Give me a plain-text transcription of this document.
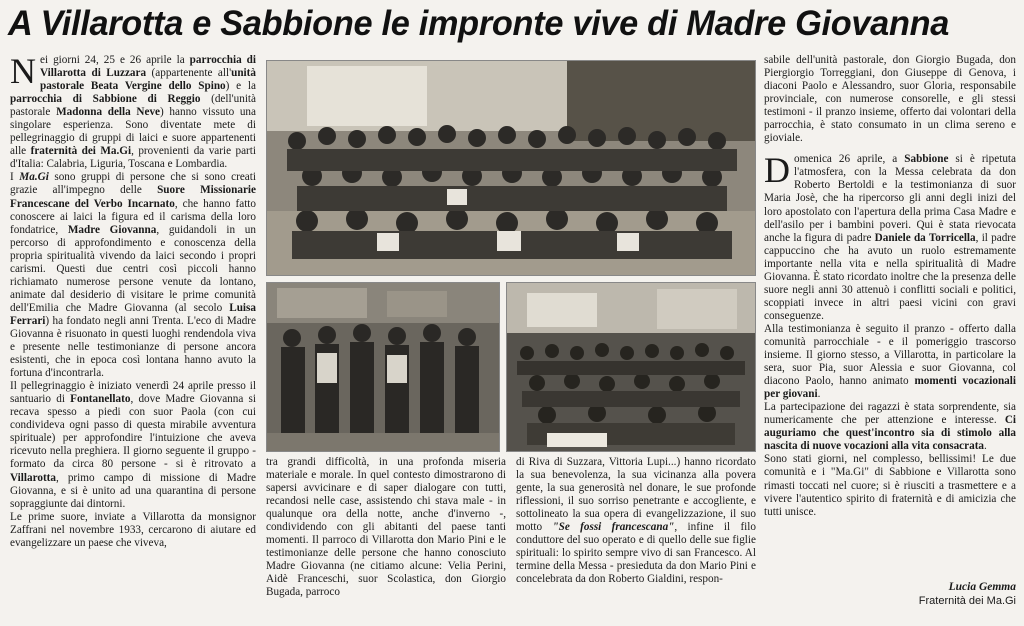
A Villarotta e Sabbione le impronte vive di Madre Giovanna

Nei giorni 24, 25 e 26 aprile la parrocchia di Villarotta di Luzzara (appartenente all'unità pastorale Beata Vergine dello Spino) e la parrocchia di Sabbione di Reggio (dell'unità pastorale Madonna della Neve) hanno vissuto una singolare esperienza. Sono diventate mete di pellegrinaggio di gruppi di laici e suore appartenenti alle fraternità dei Ma.Gi, provenienti da varie parti d'Italia: Calabria, Liguria, Toscana e Lombardia.

I Ma.Gi sono gruppi di persone che si sono creati grazie all'impegno delle Suore Missionarie Francescane del Verbo Incarnato, che hanno fatto conoscere ai laici la figura ed il carisma della loro fondatrice, Madre Giovanna, guidandoli in un percorso di approfondimento e conoscenza della propria spiritualità vivendo da laici secondo i propri carismi. Questi due centri così piccoli hanno richiamato numerose persone venute da lontano, animate dal desiderio di visitare le prime comunità dell'Emilia che Madre Giovanna (al secolo Luisa Ferrari) ha fondato negli anni Trenta. L'eco di Madre Giovanna è risuonato in questi luoghi rendendola viva e presente nelle testimonianze di persone ancora esistenti, che in epoca così lontana hanno avuto la fortuna d'incontrarla.

Il pellegrinaggio è iniziato venerdì 24 aprile presso il santuario di Fontanellato, dove Madre Giovanna si recava spesso a piedi con suor Paola (con cui condivideva ogni passo di questa mirabile avventura spirituale) per approfondire l'intuizione che aveva ricevuto nella preghiera. Il giorno seguente il gruppo - formato da circa 80 persone - si è ritrovato a Villarotta, primo campo di missione di Madre Giovanna, e si è unito ad una quarantina di persone sopraggiunte dai dintorni.

Le prime suore, inviate a Villarotta da monsignor Zaffrani nel novembre 1933, cercarono di aiutare ed evangelizzare un paese che viveva,

tra grandi difficoltà, in una profonda miseria materiale e morale. In quel contesto dimostrarono di sapersi avvicinare e di saper dialogare con tutti, recandosi nelle case, assistendo chi stava male - in qualunque ora della notte, anche d'inverno -, condividendo con gli abitanti del paese tanti momenti. Il parroco di Villarotta don Mario Pini e le testimonianze delle persone che hanno conosciuto Madre Giovanna (ne citiamo alcune: Velia Perini, Aidè Franceschi, suor Scolastica, don Giorgio Bugada, parroco

di Riva di Suzzara, Vittoria Lupi...) hanno ricordato la sua benevolenza, la sua vicinanza alla povera gente, la sua generosità nel donare, le sue profonde riflessioni, il suo sorriso penetrante e accogliente, e sottolineato la sua opera di evangelizzazione, il suo motto "Se fossi francescana", infine il filo conduttore del suo operato e di quello delle sue figlie spirituali: lo spirito sempre vivo di san Francesco. Al termine della Messa - presieduta da don Mario Pini e concelebrata da don Roberto Gialdini, respon-

sabile dell'unità pastorale, don Giorgio Bugada, don Piergiorgio Torreggiani, don Giuseppe di Genova, i diaconi Paolo e Alessandro, suor Gloria, responsabile provinciale, con numerose consorelle, e gli stessi testimoni - il pranzo insieme, offerto dai volontari della parrocchia, è stato consumato in un clima sereno e gioviale.

Domenica 26 aprile, a Sabbione si è ripetuta l'atmosfera, con la Messa celebrata da don Roberto Bertoldi e la testimonianza di suor Maria Josè, che ha ripercorso gli anni degli inizi del loro apostolato con l'apertura della prima Casa Madre e dell'asilo per i bambini poveri. Qui è stata rievocata anche la figura di padre Daniele da Torricella, il padre cappuccino che ha avuto un ruolo estremamente importante nella vita e nella spiritualità di Madre Giovanna. È stato ricordato inoltre che la presenza delle suore negli anni 30 attenuò i conflitti sociali e politici, scoppiati invece in altri paesi vicini con gravi conseguenze.

Alla testimonianza è seguito il pranzo - offerto dalla comunità parrocchiale - e il pomeriggio trascorso insieme. Il giorno stesso, a Villarotta, in particolare la sera, suor Pia, suor Alessia e suor Giovanna, col diacono Paolo, hanno animato momenti vocazionali per giovani.

La partecipazione dei ragazzi è stata sorprendente, sia numericamente che per attenzione e interesse. Ci auguriamo che quest'incontro sia di stimolo alla nascita di nuove vocazioni alla vita consacrata.

Sono stati giorni, nel complesso, bellissimi! Le due comunità e i "Ma.Gi" di Sabbione e Villarotta sono rimasti toccati nel cuore; si è riusciti a trasmettere e a vivere l'autentico spirito di fraternità e di amicizia che tutti unisce.

Lucia Gemma
Fraternità dei Ma.Gi
